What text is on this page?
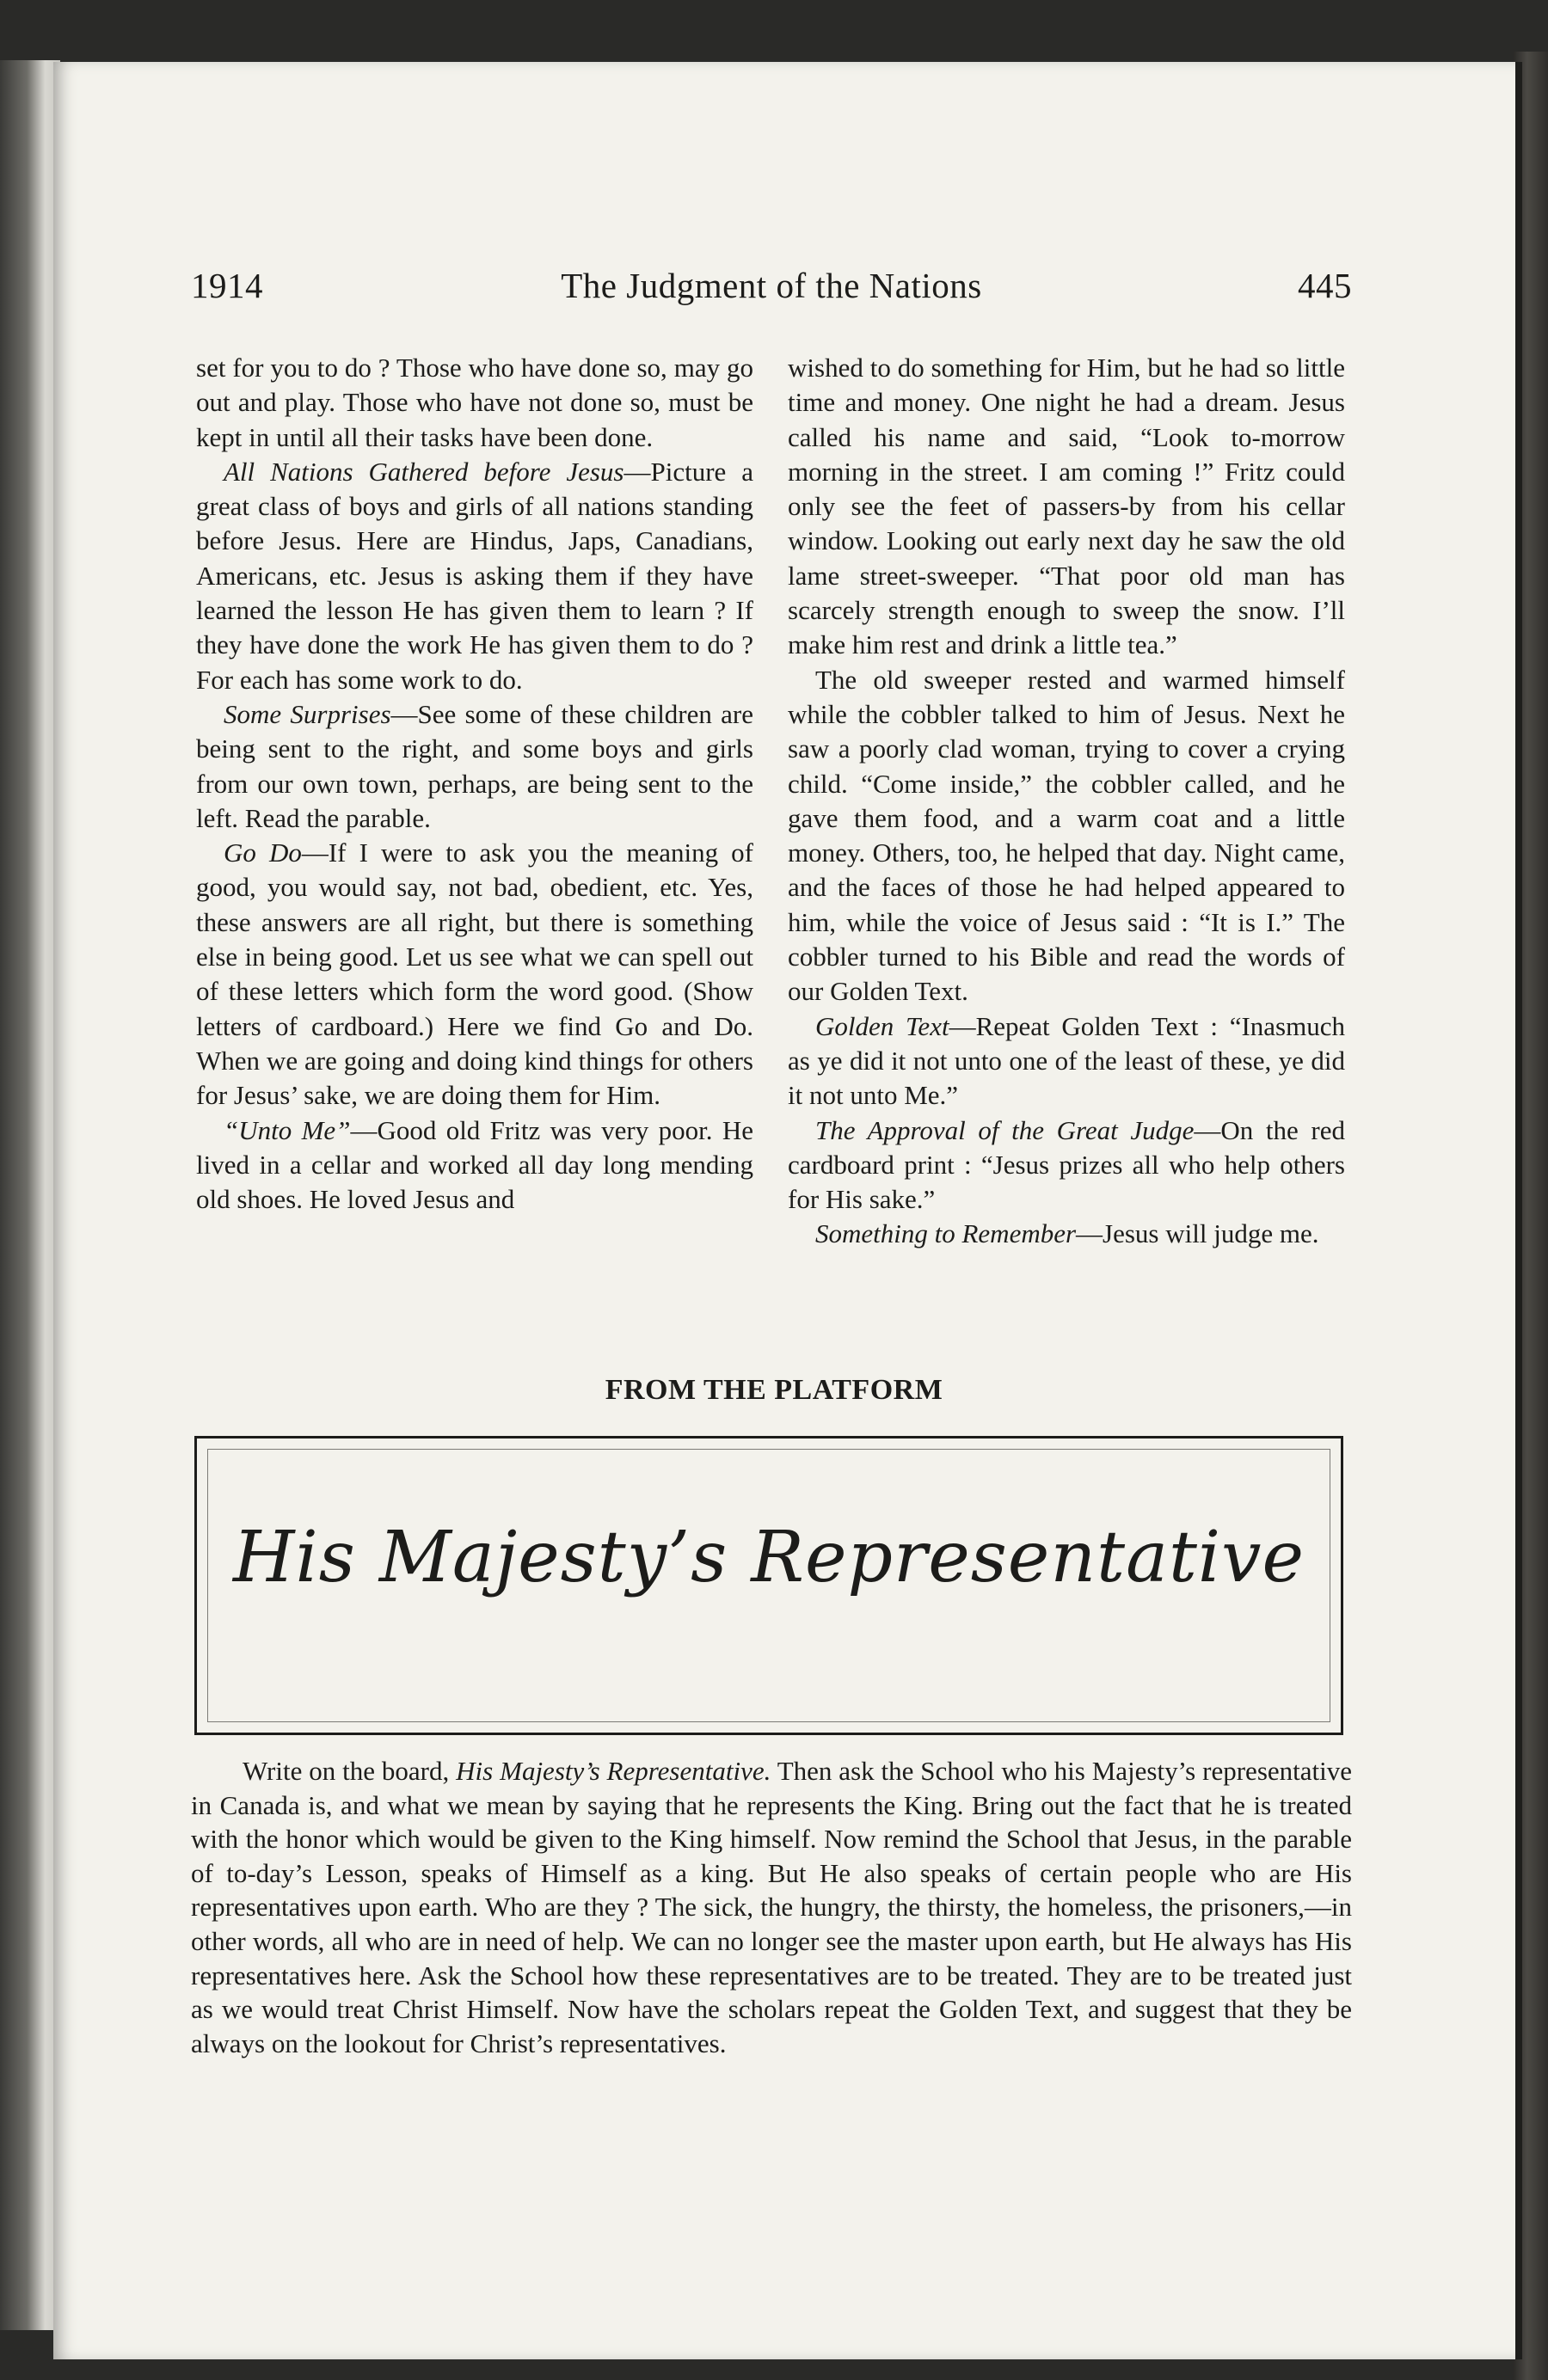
1914	The Judgment of the Nations	445

set for you to do ? Those who have done so, may go out and play. Those who have not done so, must be kept in until all their tasks have been done.

All Nations Gathered before Jesus—Picture a great class of boys and girls of all nations standing before Jesus. Here are Hindus, Japs, Canadians, Americans, etc. Jesus is asking them if they have learned the lesson He has given them to learn ? If they have done the work He has given them to do ? For each has some work to do.

Some Surprises—See some of these children are being sent to the right, and some boys and girls from our own town, perhaps, are being sent to the left. Read the parable.

Go Do—If I were to ask you the meaning of good, you would say, not bad, obedient, etc. Yes, these answers are all right, but there is something else in being good. Let us see what we can spell out of these letters which form the word good. (Show letters of cardboard.) Here we find Go and Do. When we are going and doing kind things for others for Jesus’ sake, we are doing them for Him.

“Unto Me”—Good old Fritz was very poor. He lived in a cellar and worked all day long mending old shoes. He loved Jesus and

wished to do something for Him, but he had so little time and money. One night he had a dream. Jesus called his name and said, “Look to-morrow morning in the street. I am coming !” Fritz could only see the feet of passers-by from his cellar window. Looking out early next day he saw the old lame street-sweeper. “That poor old man has scarcely strength enough to sweep the snow. I’ll make him rest and drink a little tea.”

The old sweeper rested and warmed himself while the cobbler talked to him of Jesus. Next he saw a poorly clad woman, trying to cover a crying child. “Come inside,” the cobbler called, and he gave them food, and a warm coat and a little money. Others, too, he helped that day. Night came, and the faces of those he had helped appeared to him, while the voice of Jesus said : “It is I.” The cobbler turned to his Bible and read the words of our Golden Text.

Golden Text—Repeat Golden Text : “Inasmuch as ye did it not unto one of the least of these, ye did it not unto Me.”

The Approval of the Great Judge—On the red cardboard print : “Jesus prizes all who help others for His sake.”

Something to Remember—Jesus will judge me.

FROM THE PLATFORM
His Majesty’s Representative

Write on the board, His Majesty’s Representative. Then ask the School who his Majesty’s representative in Canada is, and what we mean by saying that he represents the King. Bring out the fact that he is treated with the honor which would be given to the King himself. Now remind the School that Jesus, in the parable of to-day’s Lesson, speaks of Himself as a king. But He also speaks of certain people who are His representatives upon earth. Who are they ? The sick, the hungry, the thirsty, the homeless, the prisoners,—in other words, all who are in need of help. We can no longer see the master upon earth, but He always has His representatives here. Ask the School how these representatives are to be treated. They are to be treated just as we would treat Christ Himself. Now have the scholars repeat the Golden Text, and suggest that they be always on the lookout for Christ’s representatives.
